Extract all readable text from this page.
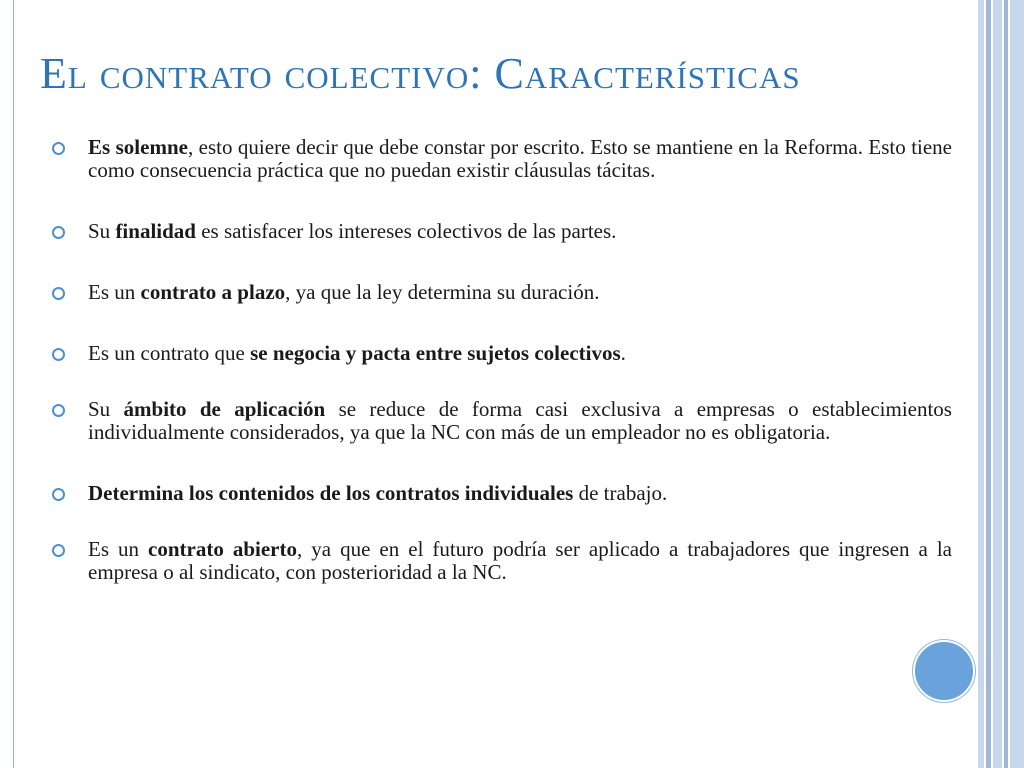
El contrato colectivo: Características
Es solemne, esto quiere decir que debe constar por escrito. Esto se mantiene en la Reforma. Esto tiene como consecuencia práctica que no puedan existir cláusulas tácitas.
Su finalidad es satisfacer los intereses colectivos de las partes.
Es un contrato a plazo, ya que la ley determina su duración.
Es un contrato que se negocia y pacta entre sujetos colectivos.
Su ámbito de aplicación se reduce de forma casi exclusiva a empresas o establecimientos individualmente considerados, ya que la NC con más de un empleador no es obligatoria.
Determina los contenidos de los contratos individuales de trabajo.
Es un contrato abierto, ya que en el futuro podría ser aplicado a trabajadores que ingresen a la empresa o al sindicato, con posterioridad a la NC.
